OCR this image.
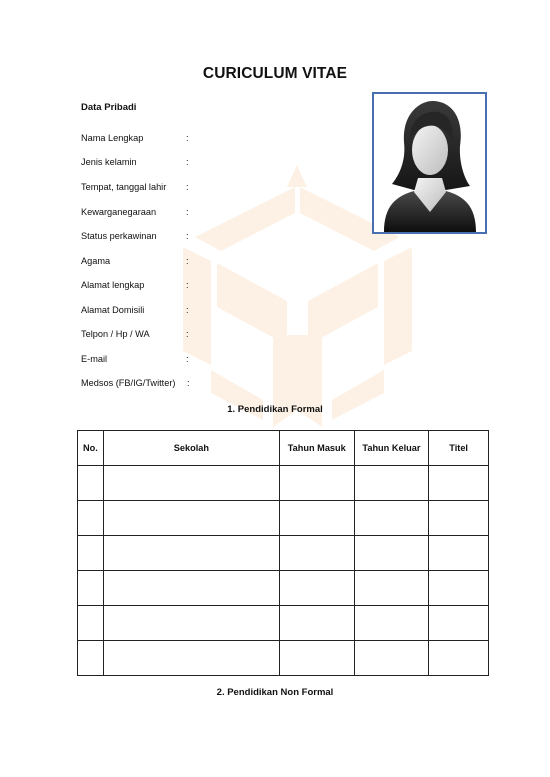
CURICULUM VITAE
Data Pribadi
Nama Lengkap	:
Jenis kelamin	:
Tempat, tanggal lahir :
Kewarganegaraan	:
Status perkawinan	:
Agama	:
Alamat lengkap	:
Alamat Domisili	:
Telpon / Hp / WA	:
E-mail	:
Medsos (FB/IG/Twitter) :
1. Pendidikan Formal
No.	Sekolah	Tahun Masuk	Tahun Keluar	Titel

2. Pendidikan Non Formal
